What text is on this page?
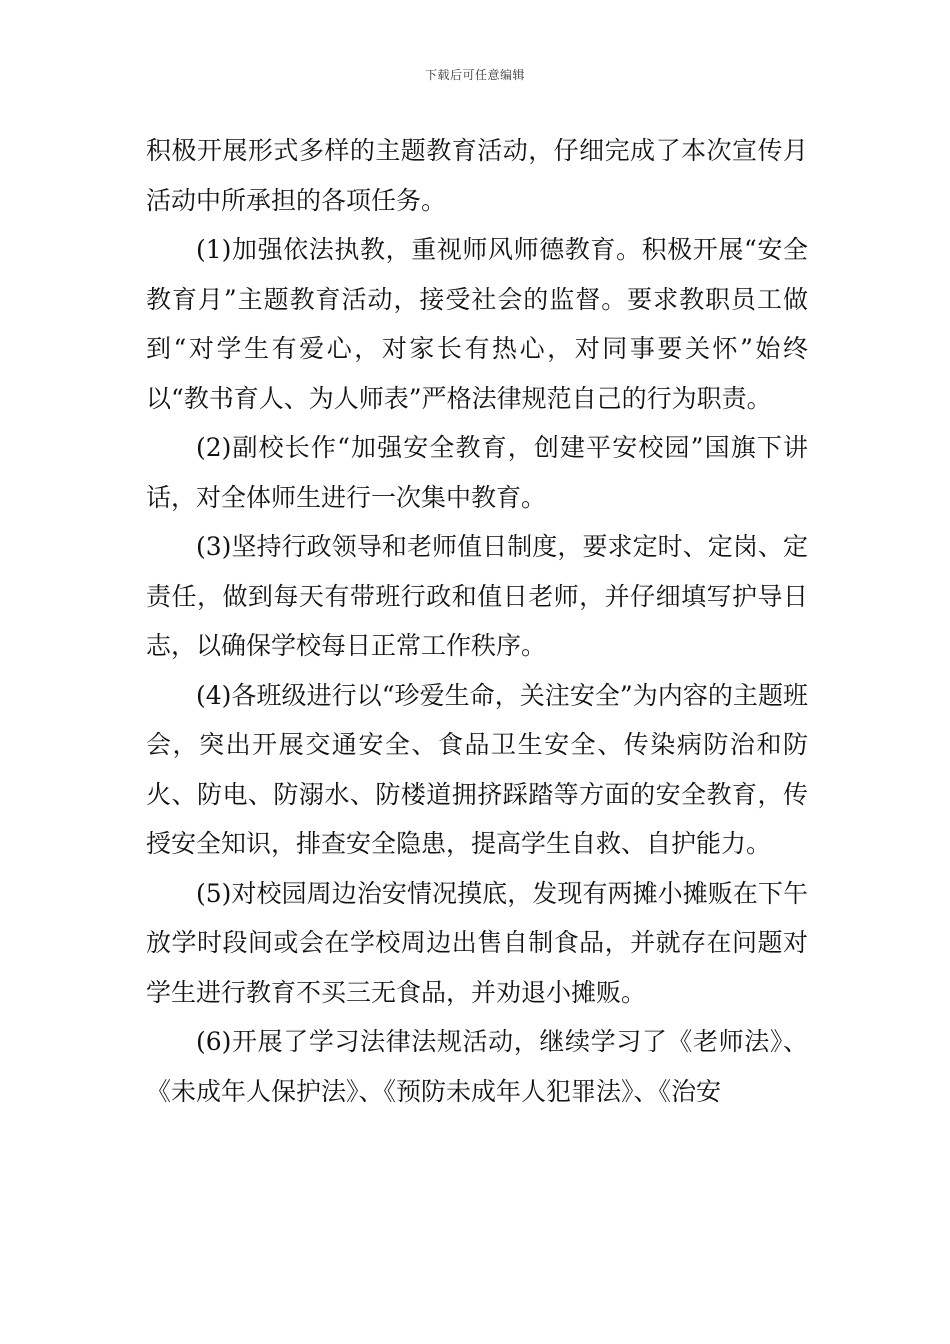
下载后可任意编辑

积极开展形式多样的主题教育活动，仔细完成了本次宣传月活动中所承担的各项任务。

(1)加强依法执教，重视师风师德教育。积极开展“安全教育月”主题教育活动，接受社会的监督。要求教职员工做到“对学生有爱心，对家长有热心，对同事要关怀”始终以“教书育人、为人师表”严格法律规范自己的行为职责。

(2)副校长作“加强安全教育，创建平安校园”国旗下讲话，对全体师生进行一次集中教育。

(3)坚持行政领导和老师值日制度，要求定时、定岗、定责任，做到每天有带班行政和值日老师，并仔细填写护导日志，以确保学校每日正常工作秩序。

(4)各班级进行以“珍爱生命，关注安全”为内容的主题班会，突出开展交通安全、食品卫生安全、传染病防治和防火、防电、防溺水、防楼道拥挤踩踏等方面的安全教育，传授安全知识，排查安全隐患，提高学生自救、自护能力。

(5)对校园周边治安情况摸底，发现有两摊小摊贩在下午放学时段间或会在学校周边出售自制食品，并就存在问题对学生进行教育不买三无食品，并劝退小摊贩。

(6)开展了学习法律法规活动，继续学习了《老师法》、《未成年人保护法》、《预防未成年人犯罪法》、《治安
